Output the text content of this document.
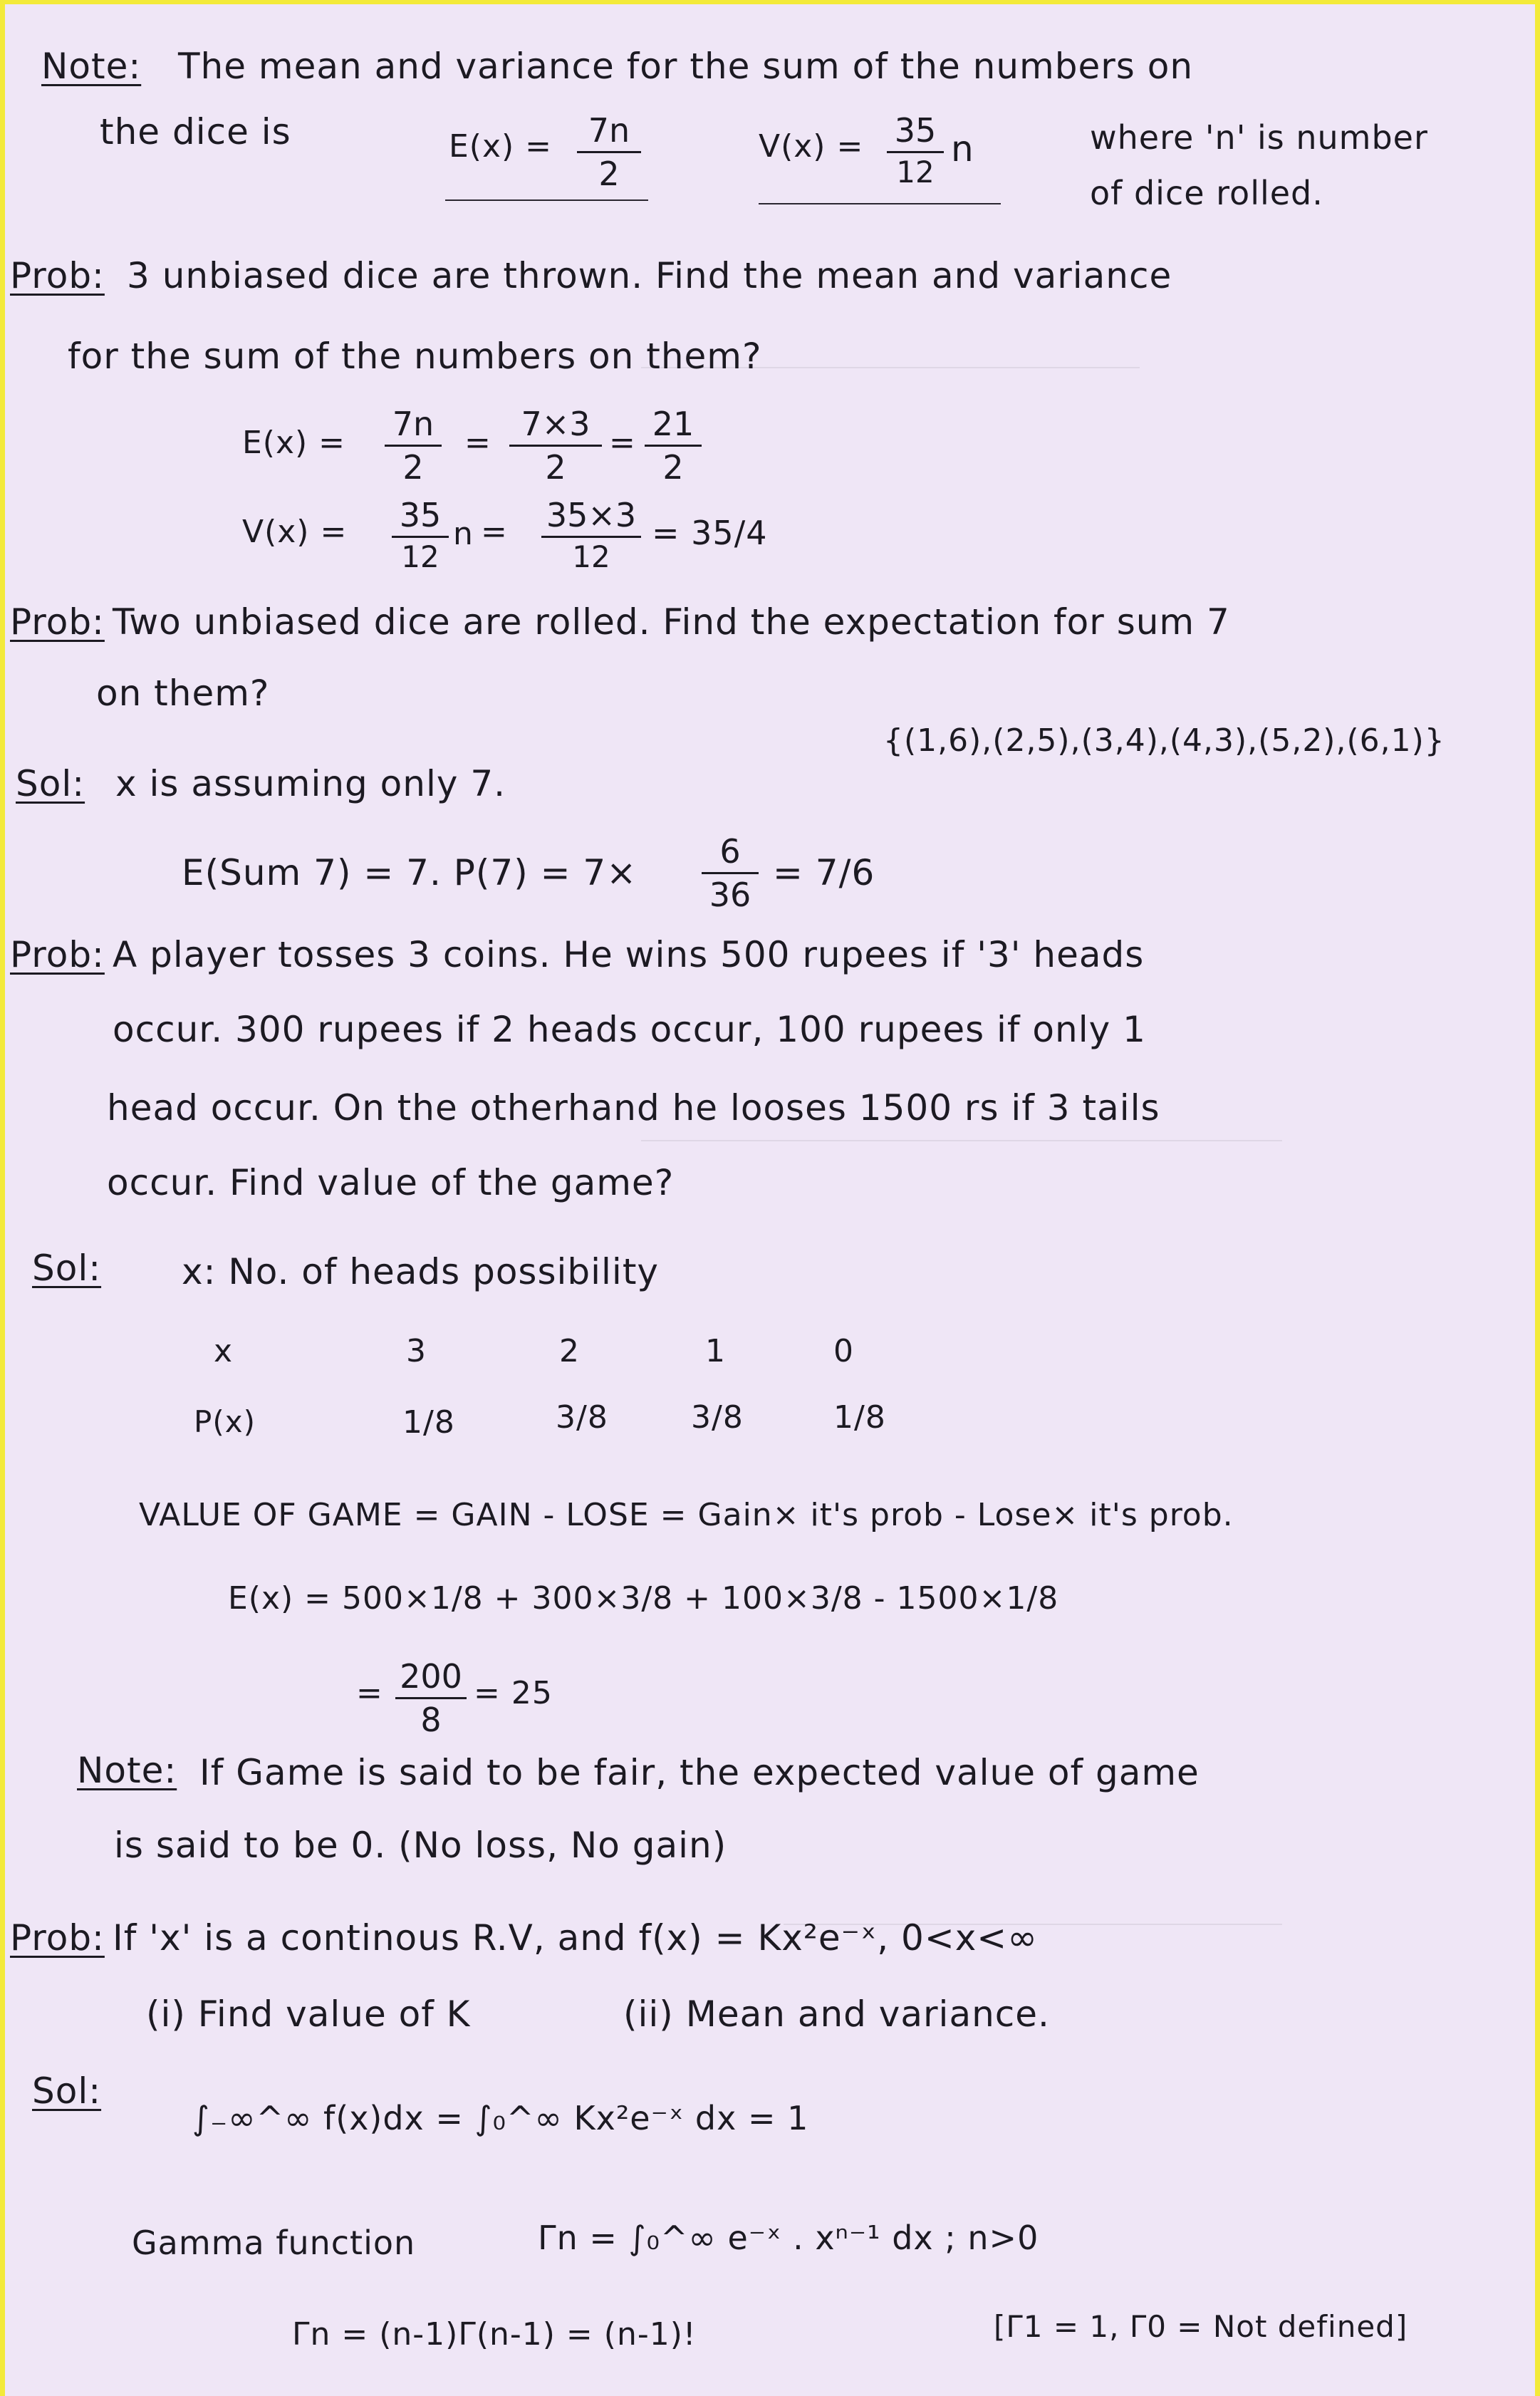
Note: The mean and variance for the sum of the numbers on
the dice is	E(x) =	7n
2
V(x) = 35
12
n	where 'n' is number
of dice rolled.
Prob: 3 unbiased dice are thrown. Find the mean and variance
for the sum of the numbers on them?
E(x) = 7n
2
= 7×3
2
= 21
2
V(x) = 35
12
n = 35×3
12
= 35/4
Prob: Two unbiased dice are rolled. Find the expectation for sum 7
on them?
{(1,6),(2,5),(3,4),(4,3),(5,2),(6,1)}
Sol: x is assuming only 7.
E(Sum 7) = 7. P(7) = 7×
6
36
= 7/6
Prob: A player tosses 3 coins. He wins 500 rupees if '3' heads
occur. 300 rupees if 2 heads occur, 100 rupees if only 1
head occur. On the otherhand he looses 1500 rs if 3 tails
occur. Find value of the game?
Sol: x: No. of heads possibility
x	3	2	1	0
P(x)	1/8	3/8	3/8	1/8
VALUE OF GAME = GAIN - LOSE = Gain× it's prob - Lose× it's prob.
E(x) = 500×1/8 + 300×3/8 + 100×3/8 - 1500×1/8
= 200
8
= 25
Note: If Game is said to be fair, the expected value of game
is said to be 0. (No loss, No gain)
Prob: If 'x' is a continous R.V, and f(x) = Kx²e⁻ˣ, 0<x<∞
(i) Find value of K	(ii) Mean and variance.
Sol:
∫₋∞^∞ f(x)dx = ∫₀^∞ Kx²e⁻ˣ dx = 1
Gamma function	Γn = ∫₀^∞ e⁻ˣ . xⁿ⁻¹ dx ; n>0
Γn = (n-1)Γ(n-1) = (n-1)!	[Γ1 = 1, Γ0 = Not defined]
